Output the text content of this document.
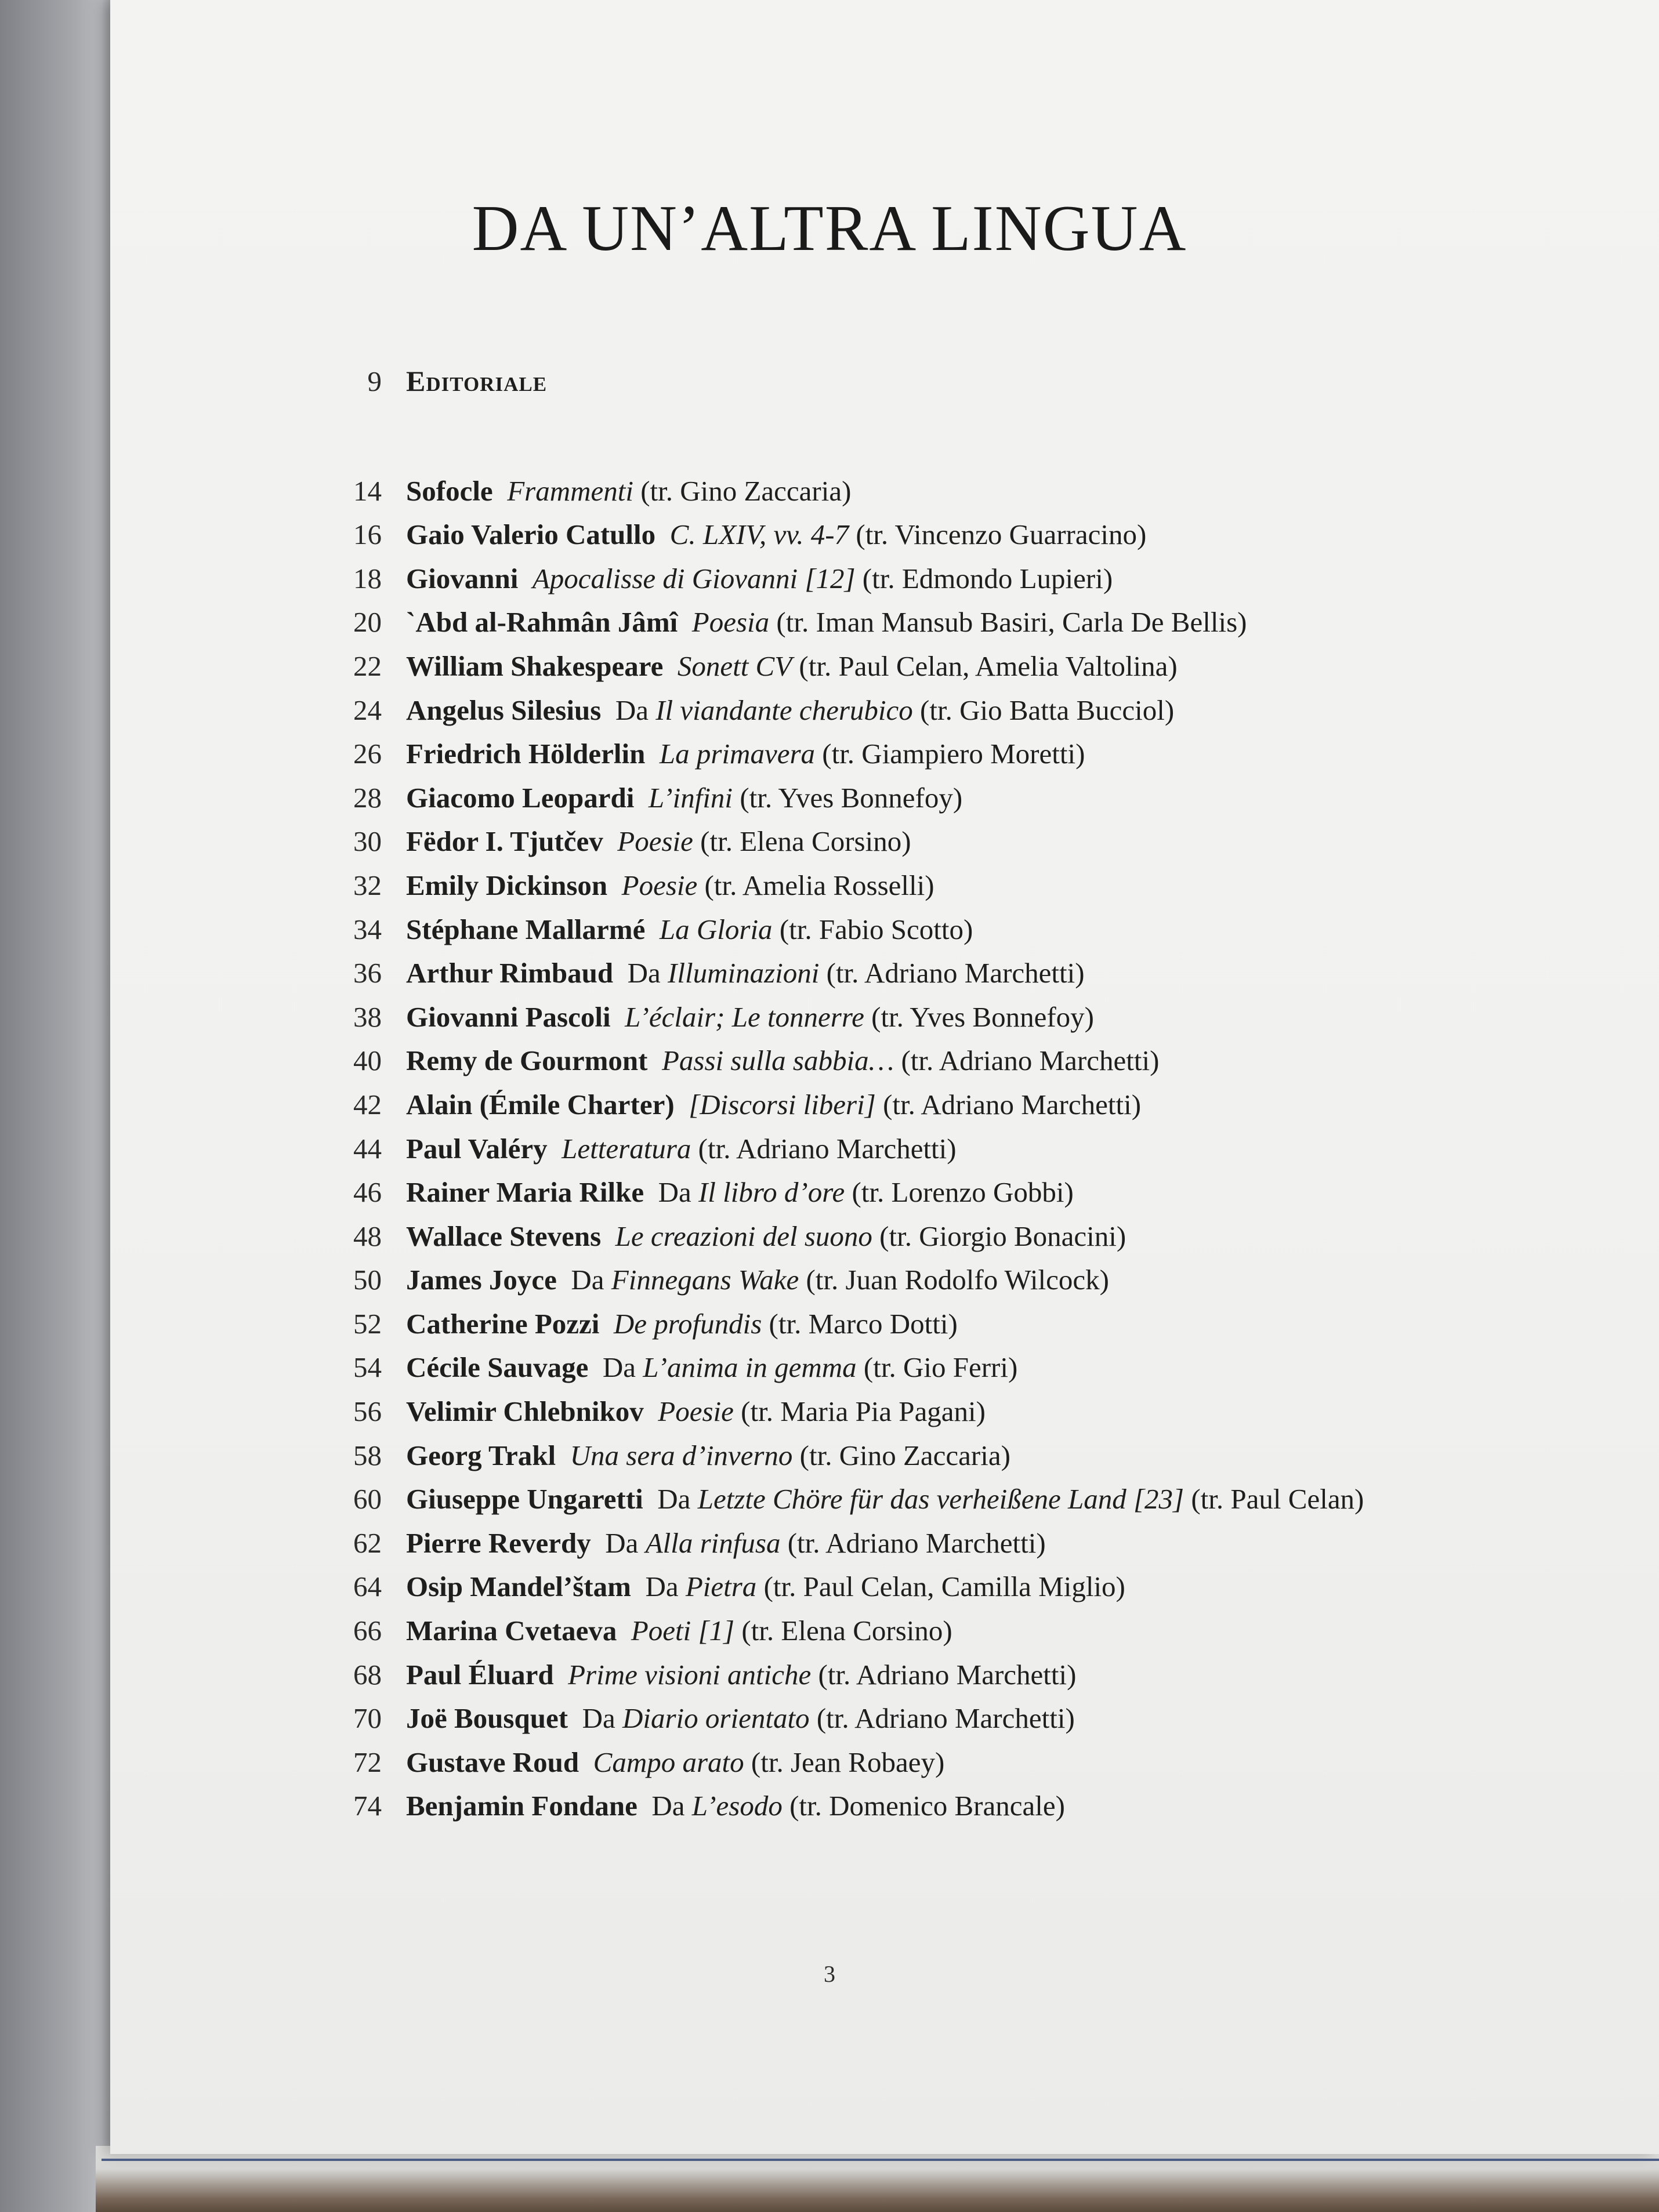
DA UN’ALTRA LINGUA
9 Editoriale
14 Sofocle  Frammenti (tr. Gino Zaccaria)
16 Gaio Valerio Catullo  C. LXIV, vv. 4-7 (tr. Vincenzo Guarracino)
18 Giovanni  Apocalisse di Giovanni [12] (tr. Edmondo Lupieri)
20 `Abd al-Rahmân Jâmî  Poesia (tr. Iman Mansub Basiri, Carla De Bellis)
22 William Shakespeare  Sonett CV (tr. Paul Celan, Amelia Valtolina)
24 Angelus Silesius  Da Il viandante cherubico (tr. Gio Batta Bucciol)
26 Friedrich Hölderlin  La primavera (tr. Giampiero Moretti)
28 Giacomo Leopardi  L’infini (tr. Yves Bonnefoy)
30 Fëdor I. Tjutčev  Poesie (tr. Elena Corsino)
32 Emily Dickinson  Poesie (tr. Amelia Rosselli)
34 Stéphane Mallarmé  La Gloria (tr. Fabio Scotto)
36 Arthur Rimbaud  Da Illuminazioni (tr. Adriano Marchetti)
38 Giovanni Pascoli  L’éclair; Le tonnerre (tr. Yves Bonnefoy)
40 Remy de Gourmont  Passi sulla sabbia… (tr. Adriano Marchetti)
42 Alain (Émile Charter)  [Discorsi liberi] (tr. Adriano Marchetti)
44 Paul Valéry  Letteratura (tr. Adriano Marchetti)
46 Rainer Maria Rilke  Da Il libro d’ore (tr. Lorenzo Gobbi)
48 Wallace Stevens  Le creazioni del suono (tr. Giorgio Bonacini)
50 James Joyce  Da Finnegans Wake (tr. Juan Rodolfo Wilcock)
52 Catherine Pozzi  De profundis (tr. Marco Dotti)
54 Cécile Sauvage  Da L’anima in gemma (tr. Gio Ferri)
56 Velimir Chlebnikov  Poesie (tr. Maria Pia Pagani)
58 Georg Trakl  Una sera d’inverno (tr. Gino Zaccaria)
60 Giuseppe Ungaretti  Da Letzte Chöre für das verheißene Land [23] (tr. Paul Celan)
62 Pierre Reverdy  Da Alla rinfusa (tr. Adriano Marchetti)
64 Osip Mandel’štam  Da Pietra (tr. Paul Celan, Camilla Miglio)
66 Marina Cvetaeva  Poeti [1] (tr. Elena Corsino)
68 Paul Éluard  Prime visioni antiche (tr. Adriano Marchetti)
70 Joë Bousquet  Da Diario orientato (tr. Adriano Marchetti)
72 Gustave Roud  Campo arato (tr. Jean Robaey)
74 Benjamin Fondane  Da L’esodo (tr. Domenico Brancale)
3
